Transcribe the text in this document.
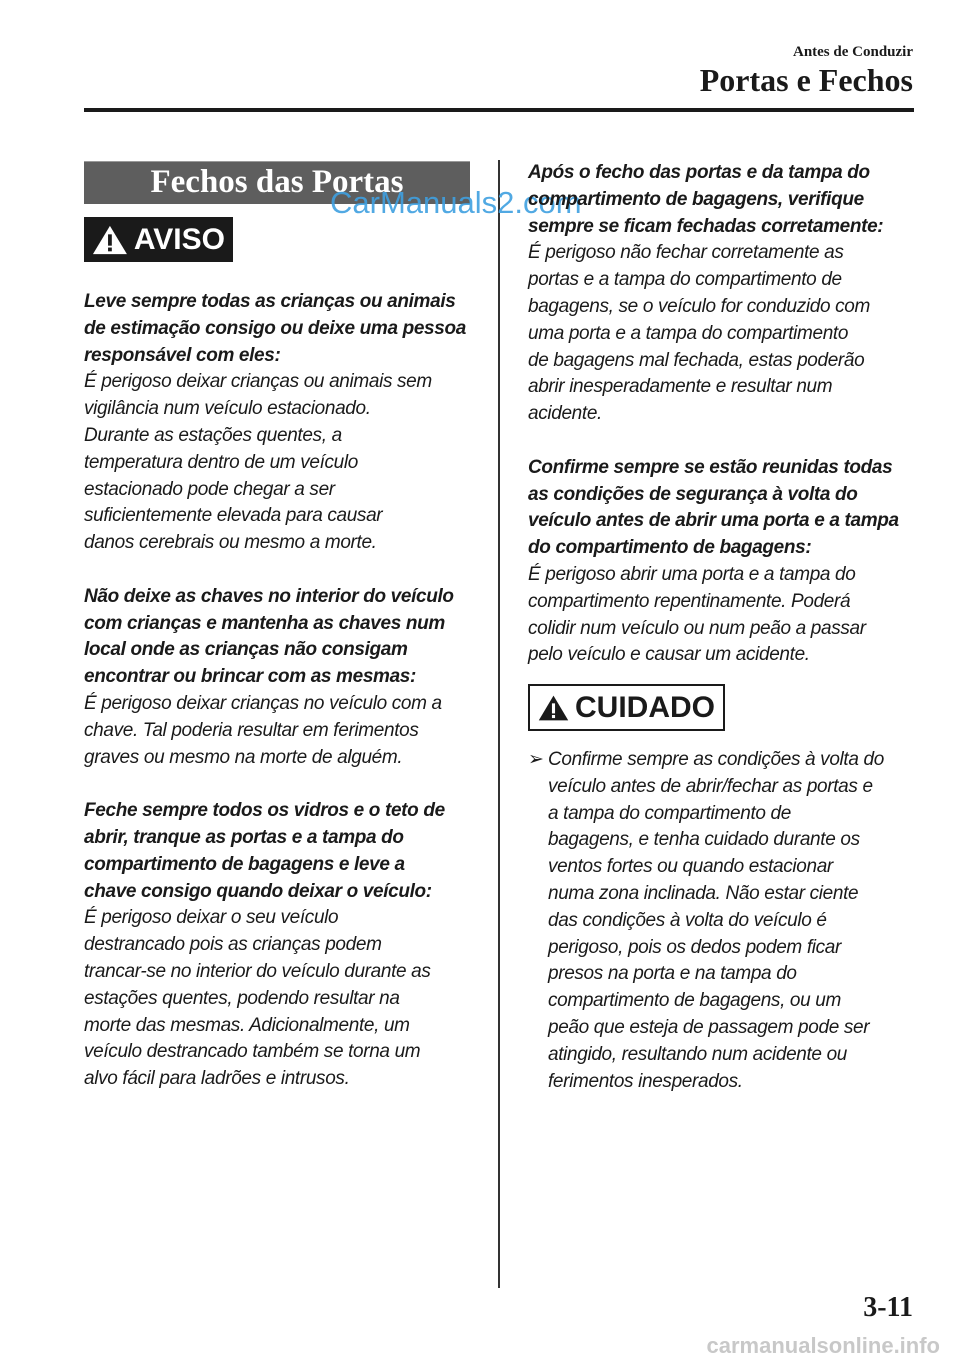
Antes de Conduzir
Portas e Fechos
Fechos das Portas
AVISO
CarManuals2.com
Leve sempre todas as crianças ou animais
de estimação consigo ou deixe uma pessoa
responsável com eles:
É perigoso deixar crianças ou animais sem
vigilância num veículo estacionado.
Durante as estações quentes, a
temperatura dentro de um veículo
estacionado pode chegar a ser
suficientemente elevada para causar
danos cerebrais ou mesmo a morte.
Não deixe as chaves no interior do veículo
com crianças e mantenha as chaves num
local onde as crianças não consigam
encontrar ou brincar com as mesmas:
É perigoso deixar crianças no veículo com a
chave. Tal poderia resultar em ferimentos
graves ou mesmo na morte de alguém.
Feche sempre todos os vidros e o teto de
abrir, tranque as portas e a tampa do
compartimento de bagagens e leve a
chave consigo quando deixar o veículo:
É perigoso deixar o seu veículo
destrancado pois as crianças podem
trancar-se no interior do veículo durante as
estações quentes, podendo resultar na
morte das mesmas. Adicionalmente, um
veículo destrancado também se torna um
alvo fácil para ladrões e intrusos.
Após o fecho das portas e da tampa do
compartimento de bagagens, verifique
sempre se ficam fechadas corretamente:
É perigoso não fechar corretamente as
portas e a tampa do compartimento de
bagagens, se o veículo for conduzido com
uma porta e a tampa do compartimento
de bagagens mal fechada, estas poderão
abrir inesperadamente e resultar num
acidente.
Confirme sempre se estão reunidas todas
as condições de segurança à volta do
veículo antes de abrir uma porta e a tampa
do compartimento de bagagens:
É perigoso abrir uma porta e a tampa do
compartimento repentinamente. Poderá
colidir num veículo ou num peão a passar
pelo veículo e causar um acidente.
CUIDADO
➢ Confirme sempre as condições à volta do
veículo antes de abrir/fechar as portas e
a tampa do compartimento de
bagagens, e tenha cuidado durante os
ventos fortes ou quando estacionar
numa zona inclinada. Não estar ciente
das condições à volta do veículo é
perigoso, pois os dedos podem ficar
presos na porta e na tampa do
compartimento de bagagens, ou um
peão que esteja de passagem pode ser
atingido, resultando num acidente ou
ferimentos inesperados.
3-11
carmanualsonline.info
